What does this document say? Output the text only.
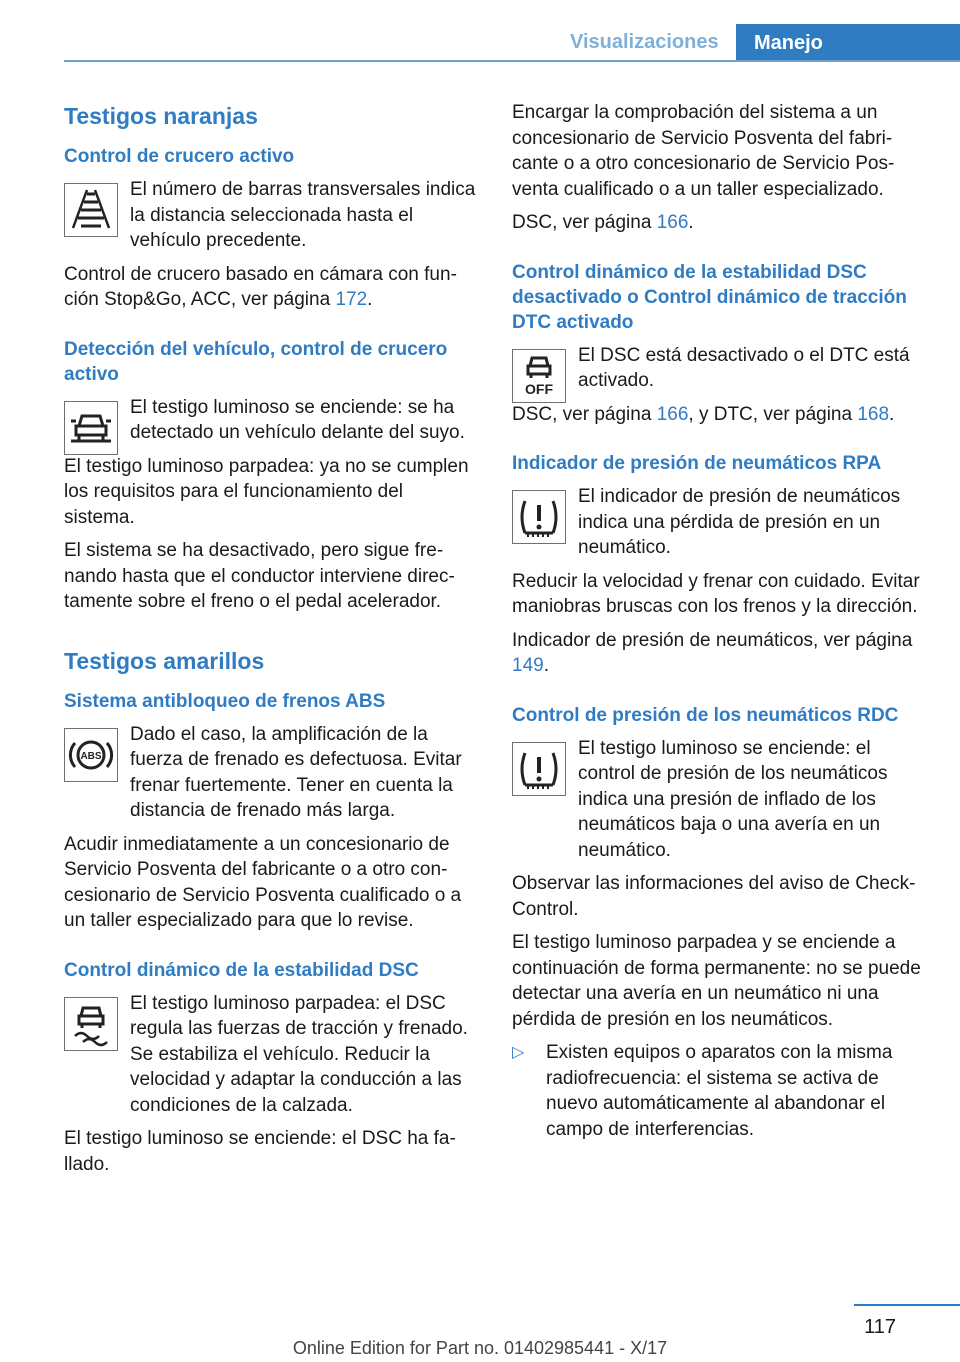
Visualizaciones	Manejo
Testigos naranjas
Control de crucero activo

El número de barras transversales indica la distancia seleccionada hasta el vehículo precedente.

Control de crucero basado en cámara con función Stop&Go, ACC, ver página 172.

Detección del vehículo, control de crucero activo

El testigo luminoso se enciende: se ha detectado un vehículo delante del suyo.

El testigo luminoso parpadea: ya no se cumplen los requisitos para el funcionamiento del sistema.

El sistema se ha desactivado, pero sigue frenando hasta que el conductor interviene directamente sobre el freno o el pedal acelerador.

Testigos amarillos
Sistema antibloqueo de frenos ABS
ABS

Dado el caso, la amplificación de la fuerza de frenado es defectuosa. Evitar frenar fuertemente. Tener en cuenta la distancia de frenado más larga.

Acudir inmediatamente a un concesionario de Servicio Posventa del fabricante o a otro concesionario de Servicio Posventa cualificado o a un taller especializado para que lo revise.

Control dinámico de la estabilidad DSC

El testigo luminoso parpadea: el DSC regula las fuerzas de tracción y frenado. Se estabiliza el vehículo. Reducir la velocidad y adaptar la conducción a las condiciones de la calzada.

El testigo luminoso se enciende: el DSC ha fallado.

Encargar la comprobación del sistema a un concesionario de Servicio Posventa del fabricante o a otro concesionario de Servicio Posventa cualificado o a un taller especializado.

DSC, ver página 166.

Control dinámico de la estabilidad DSC desactivado o Control dinámico de tracción DTC activado
OFF

El DSC está desactivado o el DTC está activado.

DSC, ver página 166, y DTC, ver página 168.

Indicador de presión de neumáticos RPA

El indicador de presión de neumáticos indica una pérdida de presión en un neumático.

Reducir la velocidad y frenar con cuidado. Evitar maniobras bruscas con los frenos y la dirección.

Indicador de presión de neumáticos, ver página 149.

Control de presión de los neumáticos RDC

El testigo luminoso se enciende: el control de presión de los neumáticos indica una presión de inflado de los neumáticos baja o una avería en un neumático.

Observar las informaciones del aviso de Check-Control.

El testigo luminoso parpadea y se enciende a continuación de forma permanente: no se puede detectar una avería en un neumático ni una pérdida de presión en los neumáticos.

▷ Existen equipos o aparatos con la misma radiofrecuencia: el sistema se activa de nuevo automáticamente al abandonar el campo de interferencias.

117
Online Edition for Part no. 01402985441 - X/17
